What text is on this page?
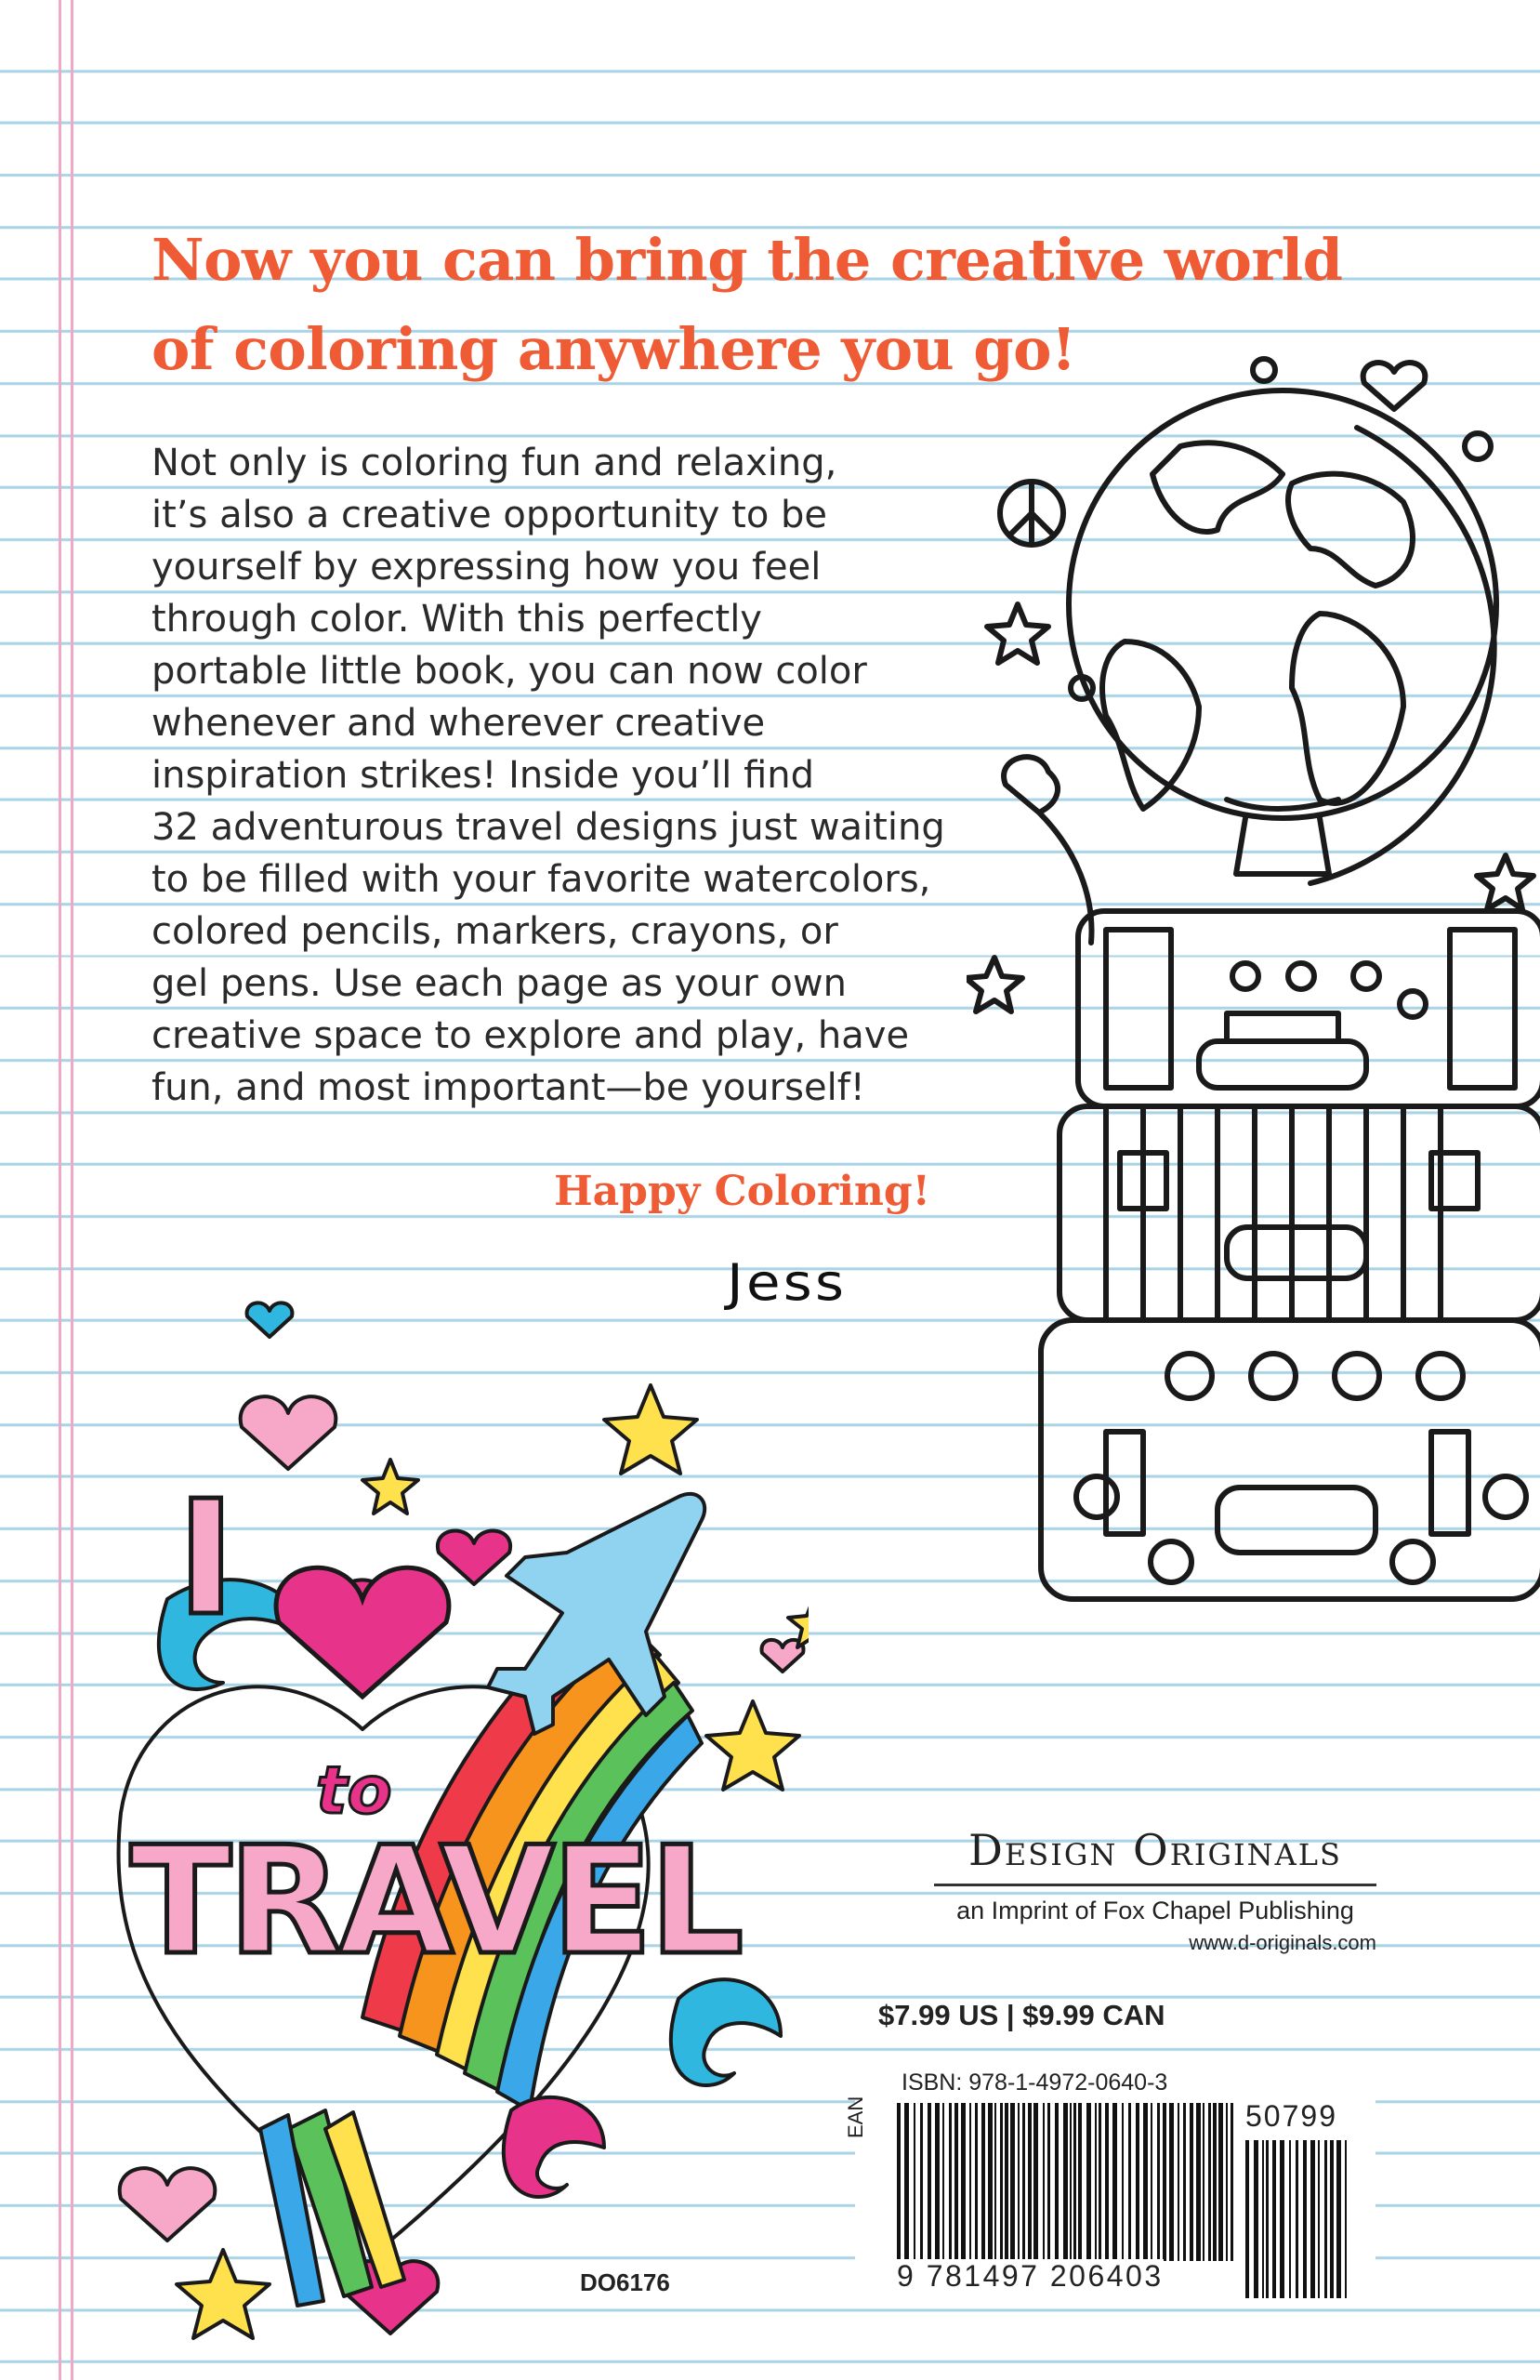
Now you can bring the creative world
of coloring anywhere you go!
Not only is coloring fun and relaxing,
it’s also a creative opportunity to be
yourself by expressing how you feel
through color. With this perfectly
portable little book, you can now color
whenever and wherever creative
inspiration strikes! Inside you’ll find
32 adventurous travel designs just waiting
to be filled with your favorite watercolors,
colored pencils, markers, crayons, or
gel pens. Use each page as your own
creative space to explore and play, have
fun, and most important—be yourself!
Happy Coloring!
Jess
I
to
TRAVEL	Design Originals
an Imprint of Fox Chapel Publishing
www.d-originals.com
$7.99 US | $9.99 CAN
ISBN: 978-1-4972-0640-3
EAN
9 781497 206403
50799
DO6176
